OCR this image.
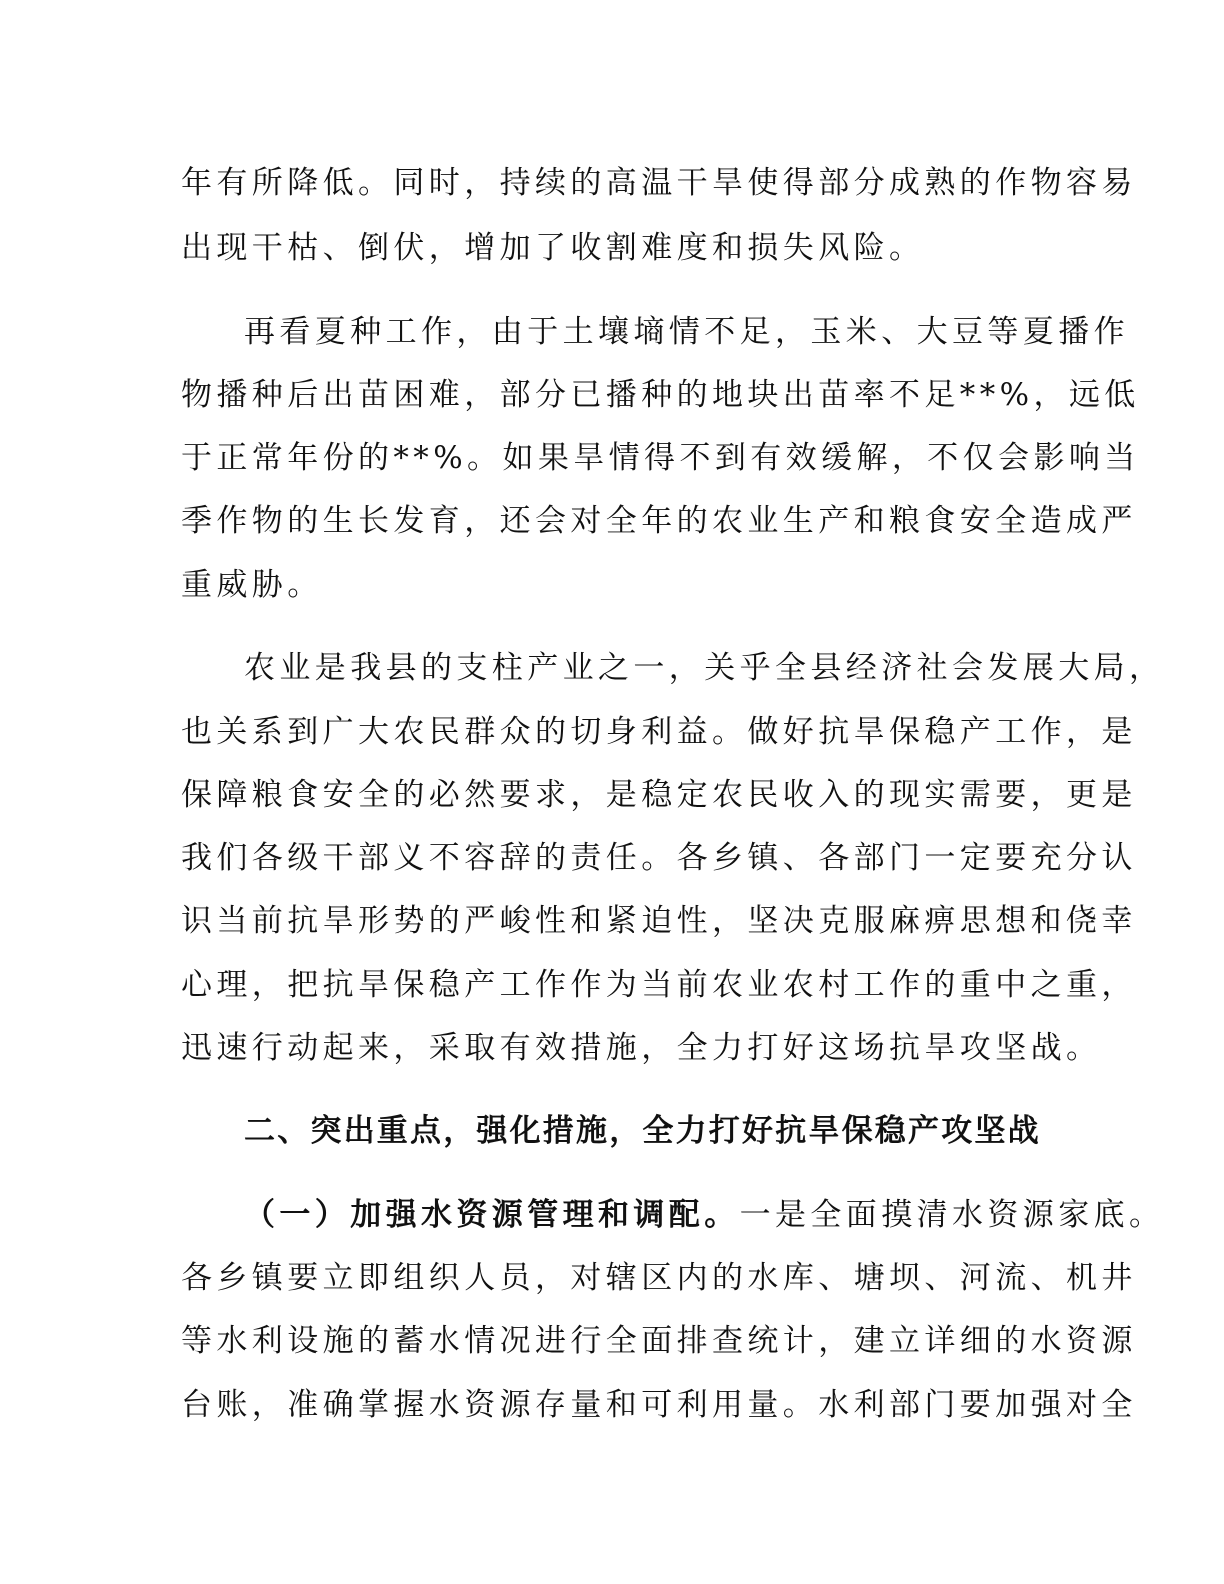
年有所降低。同时，持续的高温干旱使得部分成熟的作物容易
出现干枯、倒伏，增加了收割难度和损失风险。
再看夏种工作，由于土壤墒情不足，玉米、大豆等夏播作
物播种后出苗困难，部分已播种的地块出苗率不足**%，远低
于正常年份的**%。如果旱情得不到有效缓解，不仅会影响当
季作物的生长发育，还会对全年的农业生产和粮食安全造成严
重威胁。
农业是我县的支柱产业之一，关乎全县经济社会发展大局，
也关系到广大农民群众的切身利益。做好抗旱保稳产工作，是
保障粮食安全的必然要求，是稳定农民收入的现实需要，更是
我们各级干部义不容辞的责任。各乡镇、各部门一定要充分认
识当前抗旱形势的严峻性和紧迫性，坚决克服麻痹思想和侥幸
心理，把抗旱保稳产工作作为当前农业农村工作的重中之重，
迅速行动起来，采取有效措施，全力打好这场抗旱攻坚战。
二、突出重点，强化措施，全力打好抗旱保稳产攻坚战
（一）加强水资源管理和调配。一是全面摸清水资源家底。
各乡镇要立即组织人员，对辖区内的水库、塘坝、河流、机井
等水利设施的蓄水情况进行全面排查统计，建立详细的水资源
台账，准确掌握水资源存量和可利用量。水利部门要加强对全
